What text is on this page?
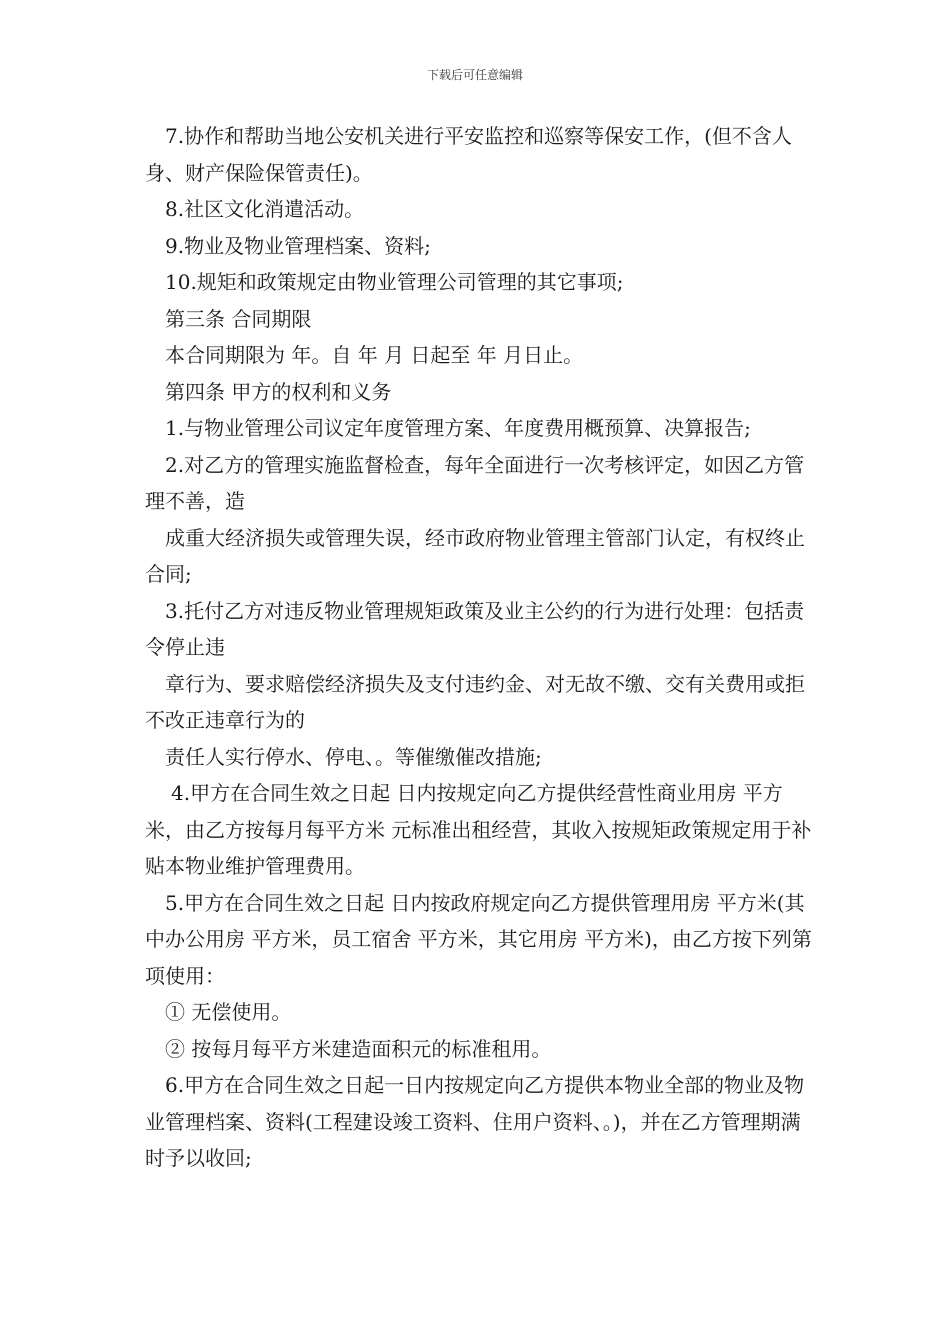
下载后可任意编辑

7.协作和帮助当地公安机关进行平安监控和巡察等保安工作，(但不含人身、财产保险保管责任)。

8.社区文化消遣活动。

9.物业及物业管理档案、资料;

10.规矩和政策规定由物业管理公司管理的其它事项;

第三条 合同期限

本合同期限为 年。自 年 月 日起至 年 月日止。

第四条 甲方的权利和义务

1.与物业管理公司议定年度管理方案、年度费用概预算、决算报告;

2.对乙方的管理实施监督检查，每年全面进行一次考核评定，如因乙方管理不善，造

成重大经济损失或管理失误，经市政府物业管理主管部门认定，有权终止合同;

3.托付乙方对违反物业管理规矩政策及业主公约的行为进行处理：包括责令停止违

章行为、要求赔偿经济损失及支付违约金、对无故不缴、交有关费用或拒不改正违章行为的

责任人实行停水、停电、。等催缴催改措施;

4.甲方在合同生效之日起 日内按规定向乙方提供经营性商业用房 平方米，由乙方按每月每平方米 元标准出租经营，其收入按规矩政策规定用于补贴本物业维护管理费用。

5.甲方在合同生效之日起 日内按政府规定向乙方提供管理用房 平方米(其中办公用房 平方米，员工宿舍 平方米，其它用房 平方米)，由乙方按下列第 项使用：

① 无偿使用。

② 按每月每平方米建造面积元的标准租用。

6.甲方在合同生效之日起一日内按规定向乙方提供本物业全部的物业及物业管理档案、资料(工程建设竣工资料、住用户资料、。)，并在乙方管理期满时予以收回;
